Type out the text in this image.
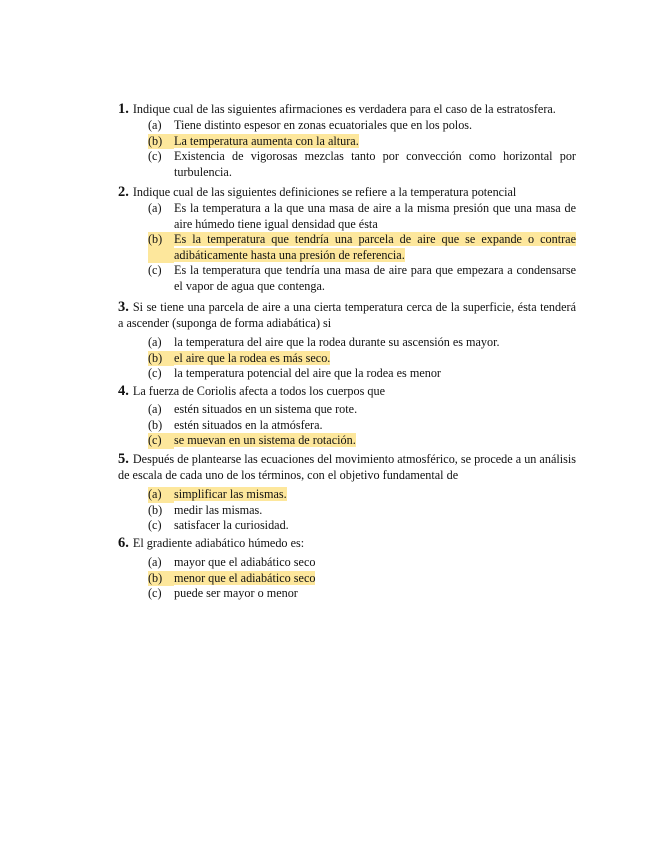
1. Indique cual de las siguientes afirmaciones es verdadera para el caso de la estratosfera.
(a)	Tiene distinto espesor en zonas ecuatoriales que en los polos.
(b) La temperatura aumenta con la altura.
(c)	Existencia de vigorosas mezclas tanto por convección como horizontal por turbulencia.
2. Indique cual de las siguientes definiciones se refiere a la temperatura potencial
(a)	Es la temperatura a la que una masa de aire a la misma presión que una masa de aire húmedo tiene igual densidad que ésta
(b) Es la temperatura que tendría una parcela de aire que se expande o contrae adibáticamente hasta una presión de referencia.
(c)	Es la temperatura que tendría una masa de aire para que empezara a condensarse el vapor de agua que contenga.
3. Si se tiene una parcela de aire a una cierta temperatura cerca de la superficie, ésta tenderá a ascender (suponga de forma adiabática) si
(a)	la temperatura del aire que la rodea durante su ascensión es mayor.
(b) el aire que la rodea es más seco.
(c)	la temperatura potencial del aire que la rodea es menor
4. La fuerza de Coriolis afecta a todos los cuerpos que
(a)	estén situados en un sistema que rote.
(b) estén situados en la atmósfera.
(c)	se muevan en un sistema de rotación.
5. Después de plantearse las ecuaciones del movimiento atmosférico, se procede a un análisis de escala de cada uno de los términos, con el objetivo fundamental de
(a)	simplificar las mismas.
(b) medir las mismas.
(c)	satisfacer la curiosidad.
6. El gradiente adiabático húmedo es:
(a)	mayor que el adiabático seco
(b) menor que el adiabático seco
(c)	puede ser mayor o menor
